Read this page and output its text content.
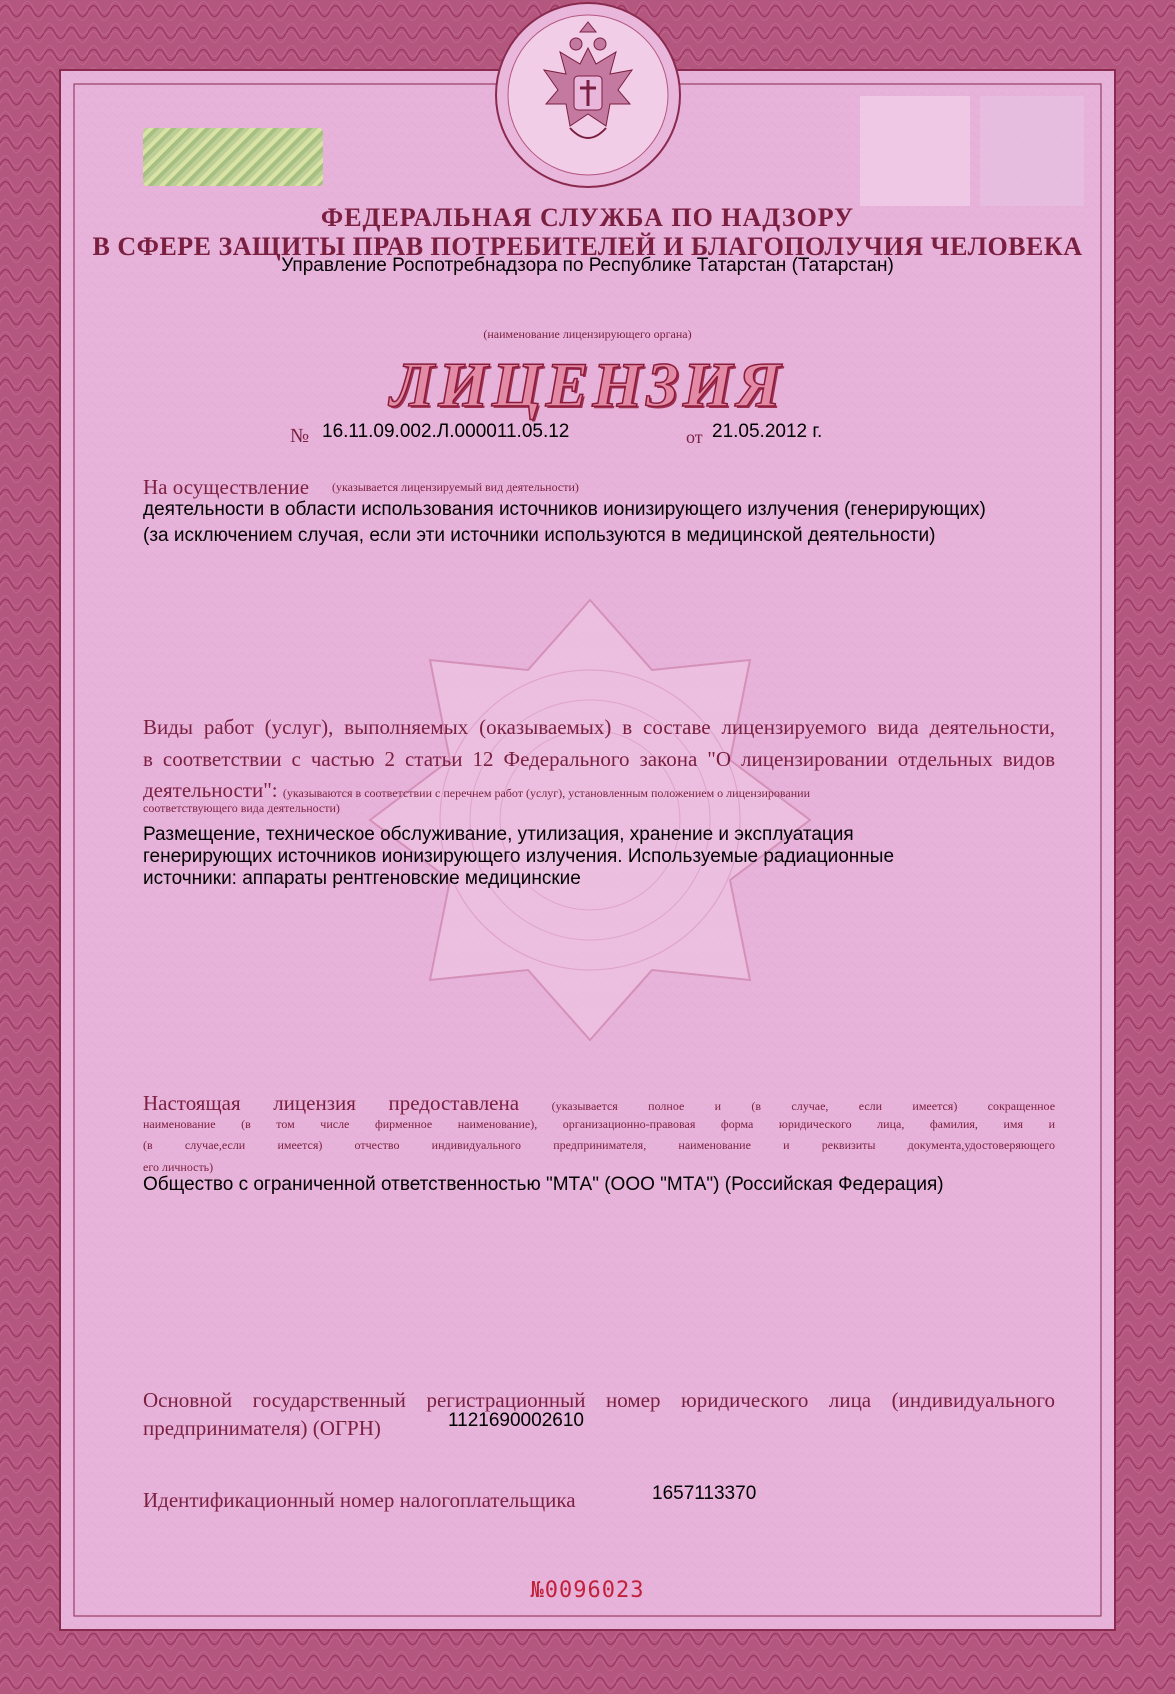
ФЕДЕРАЛЬНАЯ СЛУЖБА ПО НАДЗОРУ
В СФЕРЕ ЗАЩИТЫ ПРАВ ПОТРЕБИТЕЛЕЙ И БЛАГОПОЛУЧИЯ ЧЕЛОВЕКА
Управление Роспотребнадзора по Республике Татарстан (Татарстан)
(наименование лицензирующего органа)
ЛИЦЕНЗИЯ
№ 16.11.09.002.Л.000011.05.12	от 21.05.2012 г.
На осуществление (указывается лицензируемый вид деятельности)
деятельности в области использования источников ионизирующего излучения (генерирующих)
(за исключением случая, если эти источники используются в медицинской деятельности)
Виды работ (услуг), выполняемых (оказываемых) в составе лицензируемого вида деятельности,
в соответствии с частью 2 статьи 12 Федерального закона "О лицензировании отдельных видов
деятельности": (указываются в соответствии с перечнем работ (услуг), установленным положением о лицензировании
соответствующего вида деятельности)
Размещение, техническое обслуживание, утилизация, хранение и эксплуатация
генерирующих источников ионизирующего излучения. Используемые радиационные
источники: аппараты рентгеновские медицинские
Настоящая лицензия предоставлена	(указывается полное и (в случае, если имеется) сокращенное
наименование (в том числе фирменное наименование), организационно-правовая форма юридического лица, фамилия, имя и
(в случае,если имеется) отчество индивидуального предпринимателя, наименование и реквизиты документа,удостоверяющего
его личность)
Общество с ограниченной ответственностью "МТА" (ООО "МТА") (Российская Федерация)
Основной государственный регистрационный номер юридического лица (индивидуального
предпринимателя) (ОГРН)	1121690002610
Идентификационный номер налогоплательщика	1657113370
№0096023
